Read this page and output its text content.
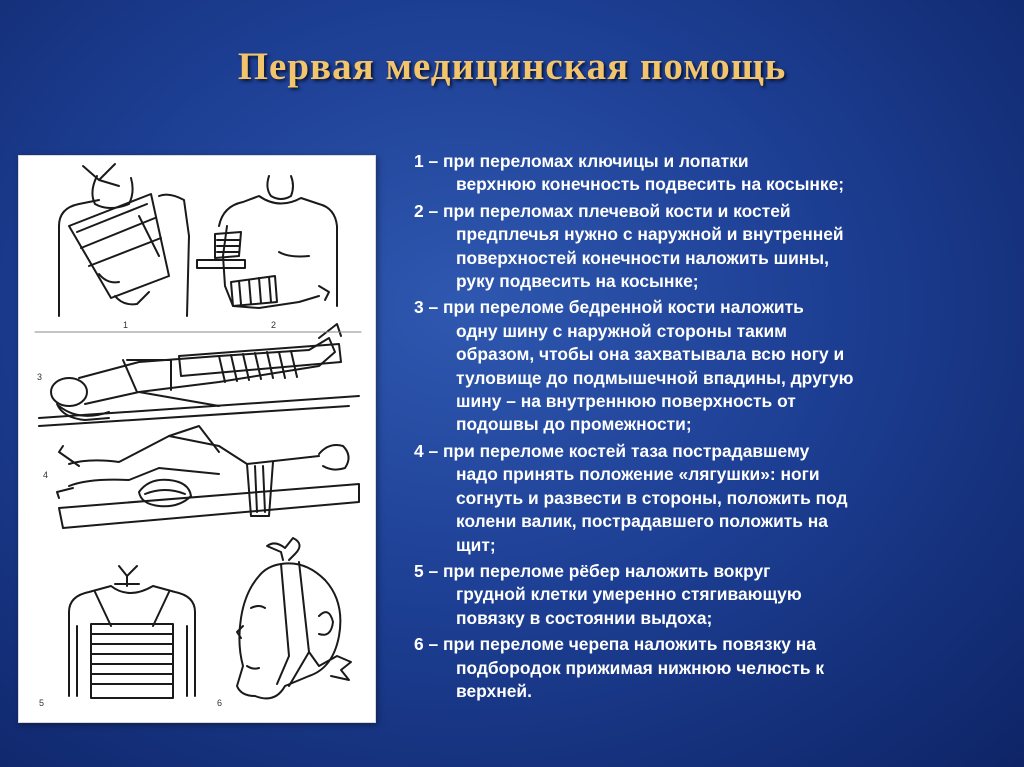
Первая медицинская помощь
1	2
3
4
5	6
1 – при переломах ключицы и лопатки
верхнюю конечность подвесить на косынке;
2 – при переломах плечевой кости и костей
предплечья нужно с наружной и внутренней
поверхностей конечности наложить шины,
руку подвесить на косынке;
3 – при переломе бедренной кости наложить
одну шину с наружной стороны таким
образом, чтобы она захватывала всю ногу и
туловище до подмышечной впадины, другую
шину – на внутреннюю поверхность от
подошвы до промежности;
4 – при переломе костей таза пострадавшему
надо принять положение «лягушки»: ноги
согнуть и развести в стороны, положить под
колени валик, пострадавшего положить на
щит;
5 – при переломе рёбер наложить вокруг
грудной клетки умеренно стягивающую
повязку в состоянии выдоха;
6 – при переломе черепа наложить повязку на
подбородок прижимая нижнюю челюсть к
верхней.
